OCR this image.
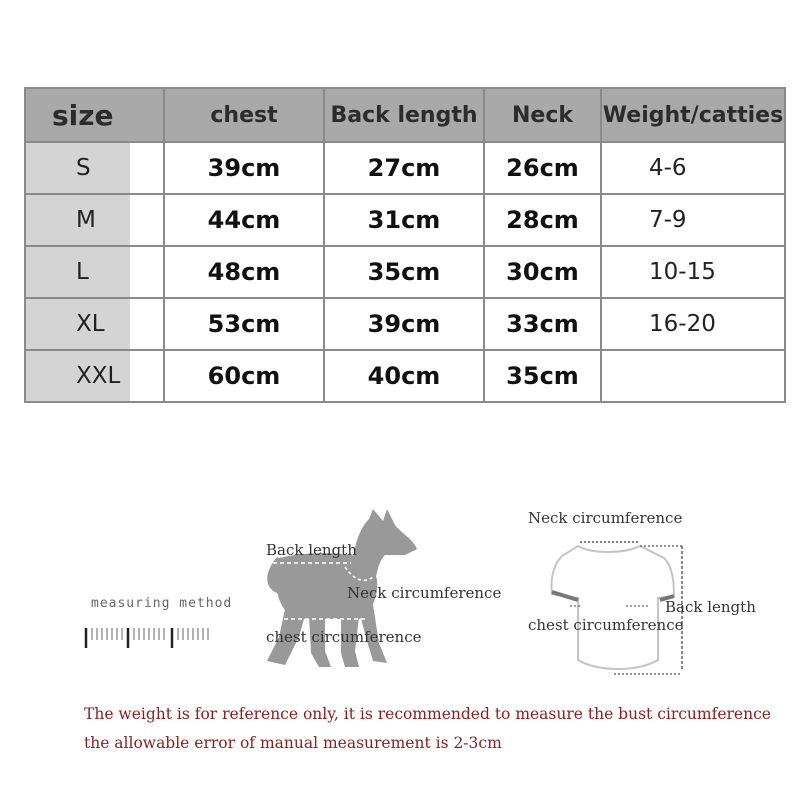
size	chest	Back length	Neck	Weight/catties
S	39cm	27cm	26cm	4-6
M	44cm	31cm	28cm	7-9
L	48cm	35cm	30cm	10-15
XL	53cm	39cm	33cm	16-20
XXL	60cm	40cm	35cm	
measuring method
Back length
Neck circumference
chest circumference
Neck circumference
Back length
chest circumference
The weight is for reference only, it is recommended to measure the bust circumference
the allowable error of manual measurement is 2-3cm
